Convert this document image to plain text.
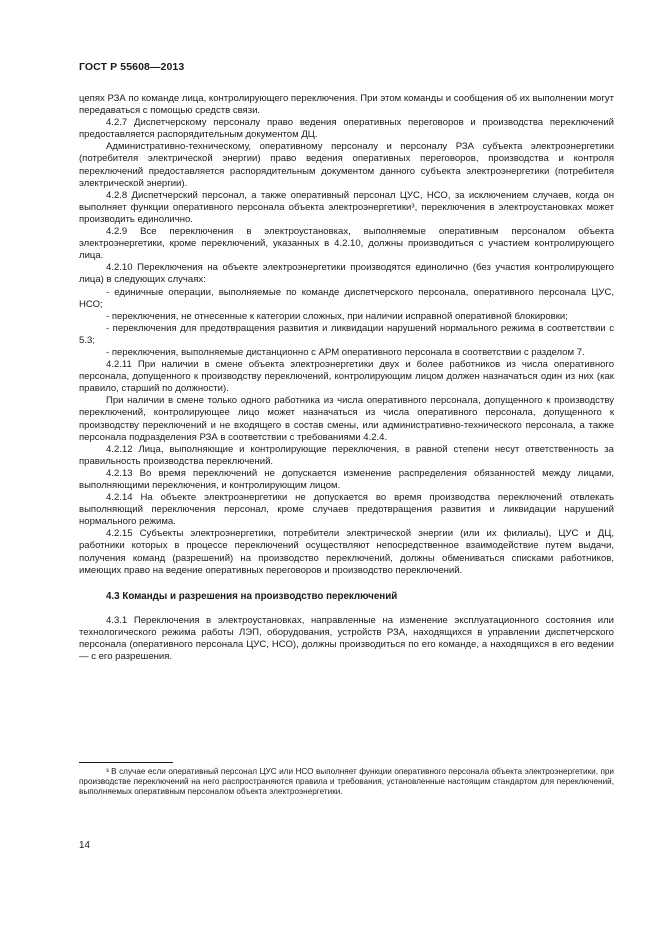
ГОСТ Р 55608—2013

цепях РЗА по команде лица, контролирующего переключения. При этом команды и сообщения об их выполнении могут передаваться с помощью средств связи.

4.2.7 Диспетчерскому персоналу право ведения оперативных переговоров и производства переключений предоставляется распорядительным документом ДЦ.

Административно-техническому, оперативному персоналу и персоналу РЗА субъекта электроэнергетики (потребителя электрической энергии) право ведения оперативных переговоров, производства и контроля переключений предоставляется распорядительным документом данного субъекта электроэнергетики (потребителя электрической энергии).

4.2.8 Диспетчерский персонал, а также оперативный персонал ЦУС, НСО, за исключением случаев, когда он выполняет функции оперативного персонала объекта электроэнергетики³, переключения в электроустановках может производить единолично.

4.2.9 Все переключения в электроустановках, выполняемые оперативным персоналом объекта электроэнергетики, кроме переключений, указанных в 4.2.10, должны производиться с участием контролирующего лица.

4.2.10 Переключения на объекте электроэнергетики производятся единолично (без участия контролирующего лица) в следующих случаях:

- единичные операции, выполняемые по команде диспетчерского персонала, оперативного персонала ЦУС, НСО;

- переключения, не отнесенные к категории сложных, при наличии исправной оперативной блокировки;

- переключения для предотвращения развития и ликвидации нарушений нормального режима в соответствии с 5.3;

- переключения, выполняемые дистанционно с АРМ оперативного персонала в соответствии с разделом 7.

4.2.11 При наличии в смене объекта электроэнергетики двух и более работников из числа оперативного персонала, допущенного к производству переключений, контролирующим лицом должен назначаться один из них (как правило, старший по должности).

При наличии в смене только одного работника из числа оперативного персонала, допущенного к производству переключений, контролирующее лицо может назначаться из числа оперативного персонала, допущенного к производству переключений и не входящего в состав смены, или административно-технического персонала, а также персонала подразделения РЗА в соответствии с требованиями 4.2.4.

4.2.12 Лица, выполняющие и контролирующие переключения, в равной степени несут ответственность за правильность производства переключений.

4.2.13 Во время переключений не допускается изменение распределения обязанностей между лицами, выполняющими переключения, и контролирующим лицом.

4.2.14 На объекте электроэнергетики не допускается во время производства переключений отвлекать выполняющий переключения персонал, кроме случаев предотвращения развития и ликвидации нарушений нормального режима.

4.2.15 Субъекты электроэнергетики, потребители электрической энергии (или их филиалы), ЦУС и ДЦ, работники которых в процессе переключений осуществляют непосредственное взаимодействие путем выдачи, получения команд (разрешений) на производство переключений, должны обмениваться списками работников, имеющих право на ведение оперативных переговоров и производство переключений.

4.3 Команды и разрешения на производство переключений

4.3.1 Переключения в электроустановках, направленные на изменение эксплуатационного состояния или технологического режима работы ЛЭП, оборудования, устройств РЗА, находящихся в управлении диспетчерского персонала (оперативного персонала ЦУС, НСО), должны производиться по его команде, а находящихся в его ведении — с его разрешения.

³ В случае если оперативный персонал ЦУС или НСО выполняет функции оперативного персонала объекта электроэнергетики, при производстве переключений на него распространяются правила и требования, установленные настоящим стандартом для переключений, выполняемых оперативным персоналом объекта электроэнергетики.

14
